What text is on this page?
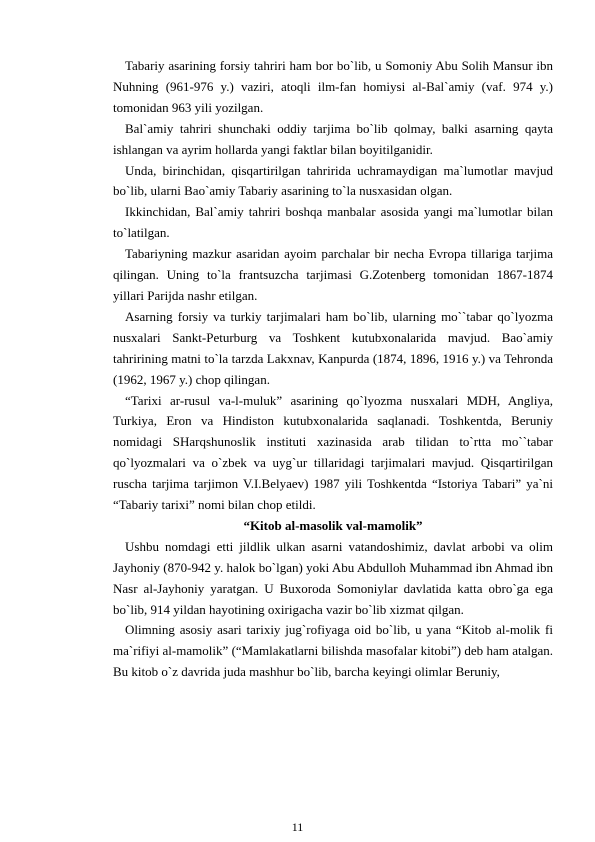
Tabariy asarining forsiy tahriri ham bor bo`lib, u Somoniy Abu Solih Mansur ibn Nuhning (961-976 y.) vaziri, atoqli ilm-fan homiysi al-Bal`amiy (vaf. 974 y.) tomonidan 963 yili yozilgan.

Bal`amiy tahriri shunchaki oddiy tarjima bo`lib qolmay, balki asarning qayta ishlangan va ayrim hollarda yangi faktlar bilan boyitilganidir.

Unda, birinchidan, qisqartirilgan tahririda uchramaydigan ma`lumotlar mavjud bo`lib, ularni Bao`amiy Tabariy asarining to`la nusxasidan olgan.

Ikkinchidan, Bal`amiy tahriri boshqa manbalar asosida yangi ma`lumotlar bilan to`latilgan.

Tabariyning mazkur asaridan ayoim parchalar bir necha Evropa tillariga tarjima qilingan. Uning to`la frantsuzcha tarjimasi G.Zotenberg tomonidan 1867-1874 yillari Parijda nashr etilgan.

Asarning forsiy va turkiy tarjimalari ham bo`lib, ularning mo``tabar qo`lyozma nusxalari Sankt-Peturburg va Toshkent kutubxonalarida mavjud. Bao`amiy tahririning matni to`la tarzda Lakxnav, Kanpurda (1874, 1896, 1916 y.) va Tehronda (1962, 1967 y.) chop qilingan.

“Tarixi ar-rusul va-l-muluk” asarining qo`lyozma nusxalari MDH, Angliya, Turkiya, Eron va Hindiston kutubxonalarida saqlanadi. Toshkentda, Beruniy nomidagi SHarqshunoslik instituti xazinasida arab tilidan to`rtta mo``tabar qo`lyozmalari va o`zbek va uyg`ur tillaridagi tarjimalari mavjud. Qisqartirilgan ruscha tarjima tarjimon V.I.Belyaev) 1987 yili Toshkentda “Istoriya Tabari” ya`ni “Tabariy tarixi” nomi bilan chop etildi.

“Kitob al-masolik val-mamolik”

Ushbu nomdagi etti jildlik ulkan asarni vatandoshimiz, davlat arbobi va olim Jayhoniy (870-942 y. halok bo`lgan) yoki Abu Abdulloh Muhammad ibn Ahmad ibn Nasr al-Jayhoniy yaratgan. U Buxoroda Somoniylar davlatida katta obro`ga ega bo`lib, 914 yildan hayotining oxirigacha vazir bo`lib xizmat qilgan.

Olimning asosiy asari tarixiy jug`rofiyaga oid bo`lib, u yana “Kitob al-molik fi ma`rifiyi al-mamolik” (“Mamlakatlarni bilishda masofalar kitobi”) deb ham atalgan. Bu kitob o`z davrida juda mashhur bo`lib, barcha keyingi olimlar Beruniy,

11
